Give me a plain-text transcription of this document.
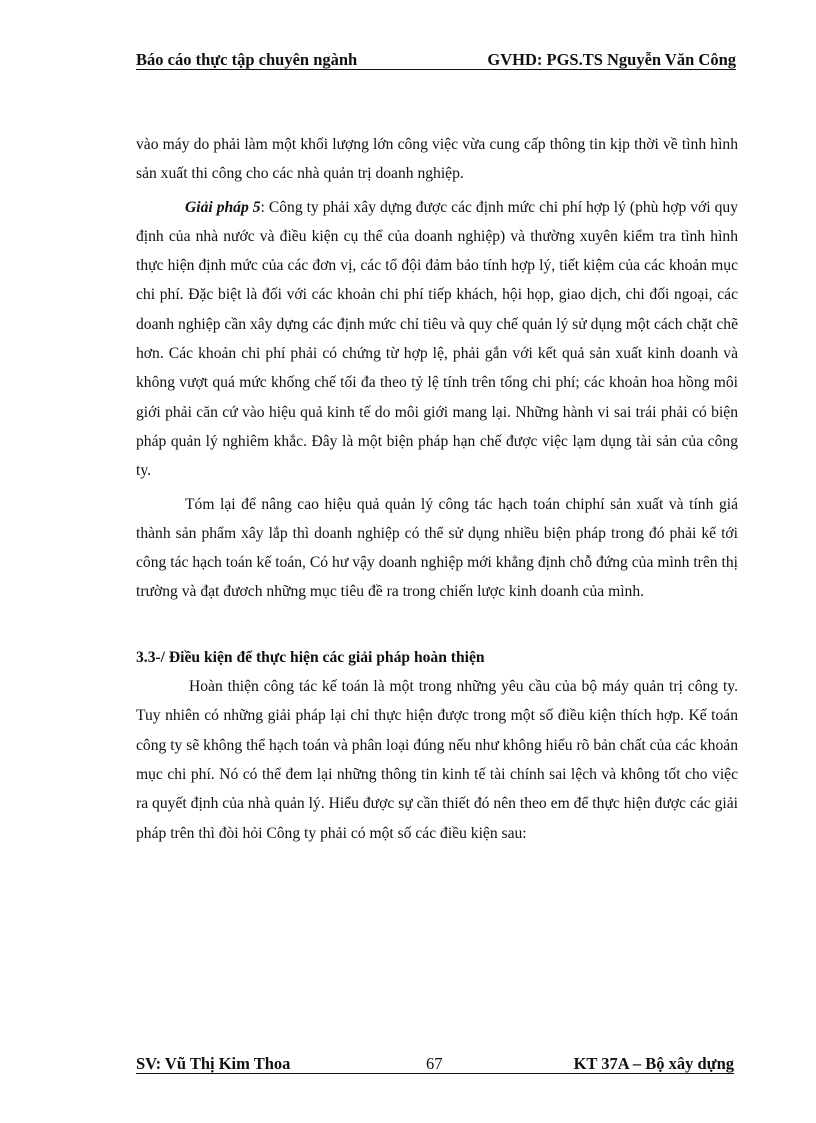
Báo cáo thực tập chuyên ngành	GVHD: PGS.TS Nguyễn Văn Công

vào máy do phải làm một khối lượng lớn công việc vừa cung cấp thông tin kịp thời về tình hình sản xuất thi công cho các nhà quản trị doanh nghiệp.

Giải pháp 5: Công ty phải xây dựng được các định mức chi phí hợp lý (phù hợp với quy định của nhà nước và điều kiện cụ thể của doanh nghiệp) và thường xuyên kiểm tra tình hình thực hiện định mức của các đơn vị, các tổ đội đảm bảo tính hợp lý, tiết kiệm của các khoản mục chi phí. Đặc biệt là đối với các khoản chi phí tiếp khách, hội họp, giao dịch, chi đối ngoại, các doanh nghiệp cần xây dựng các định mức chỉ tiêu và quy chế quản lý sử dụng một cách chặt chẽ hơn. Các khoản chi phí phải có chứng từ hợp lệ, phải gắn với kết quả sản xuất kinh doanh và không vượt quá mức khống chế tối đa theo tỷ lệ tính trên tổng chi phí; các khoản hoa hồng môi giới phải căn cứ vào hiệu quả kinh tế do môi giới mang lại. Những hành vi sai trái phải có biện pháp quản lý nghiêm khắc. Đây là một biện pháp hạn chế được việc lạm dụng tài sản của công ty.

Tóm lại để nâng cao hiệu quả quản lý công tác hạch toán chiphí sản xuất và tính giá thành sản phẩm xây lắp thì doanh nghiệp có thể sử dụng nhiều biện pháp trong đó phải kể tới công tác hạch toán kế toán, Có hư vậy doanh nghiệp mới khẳng định chỗ đứng của mình trên thị trường và đạt đươch những mục tiêu đề ra trong chiến lược kinh doanh của mình.

3.3-/ Điều kiện để thực hiện các giải pháp hoàn thiện

Hoàn thiện công tác kế toán là một trong những yêu cầu của bộ máy quản trị công ty. Tuy nhiên có những giải pháp lại chỉ thực hiện được trong một số điều kiện thích hợp. Kế toán công ty sẽ không thể hạch toán và phân loại đúng nếu như không hiểu rõ bản chất của các khoản mục chi phí. Nó có thể đem lại những thông tin kinh tế tài chính sai lệch và không tốt cho việc ra quyết định của nhà quản lý. Hiểu được sự cần thiết đó nên theo em để thực hiện được các giải pháp trên thì đòi hỏi Công ty phải có một số các điều kiện sau:

SV: Vũ Thị Kim Thoa	67	KT 37A – Bộ xây dựng
